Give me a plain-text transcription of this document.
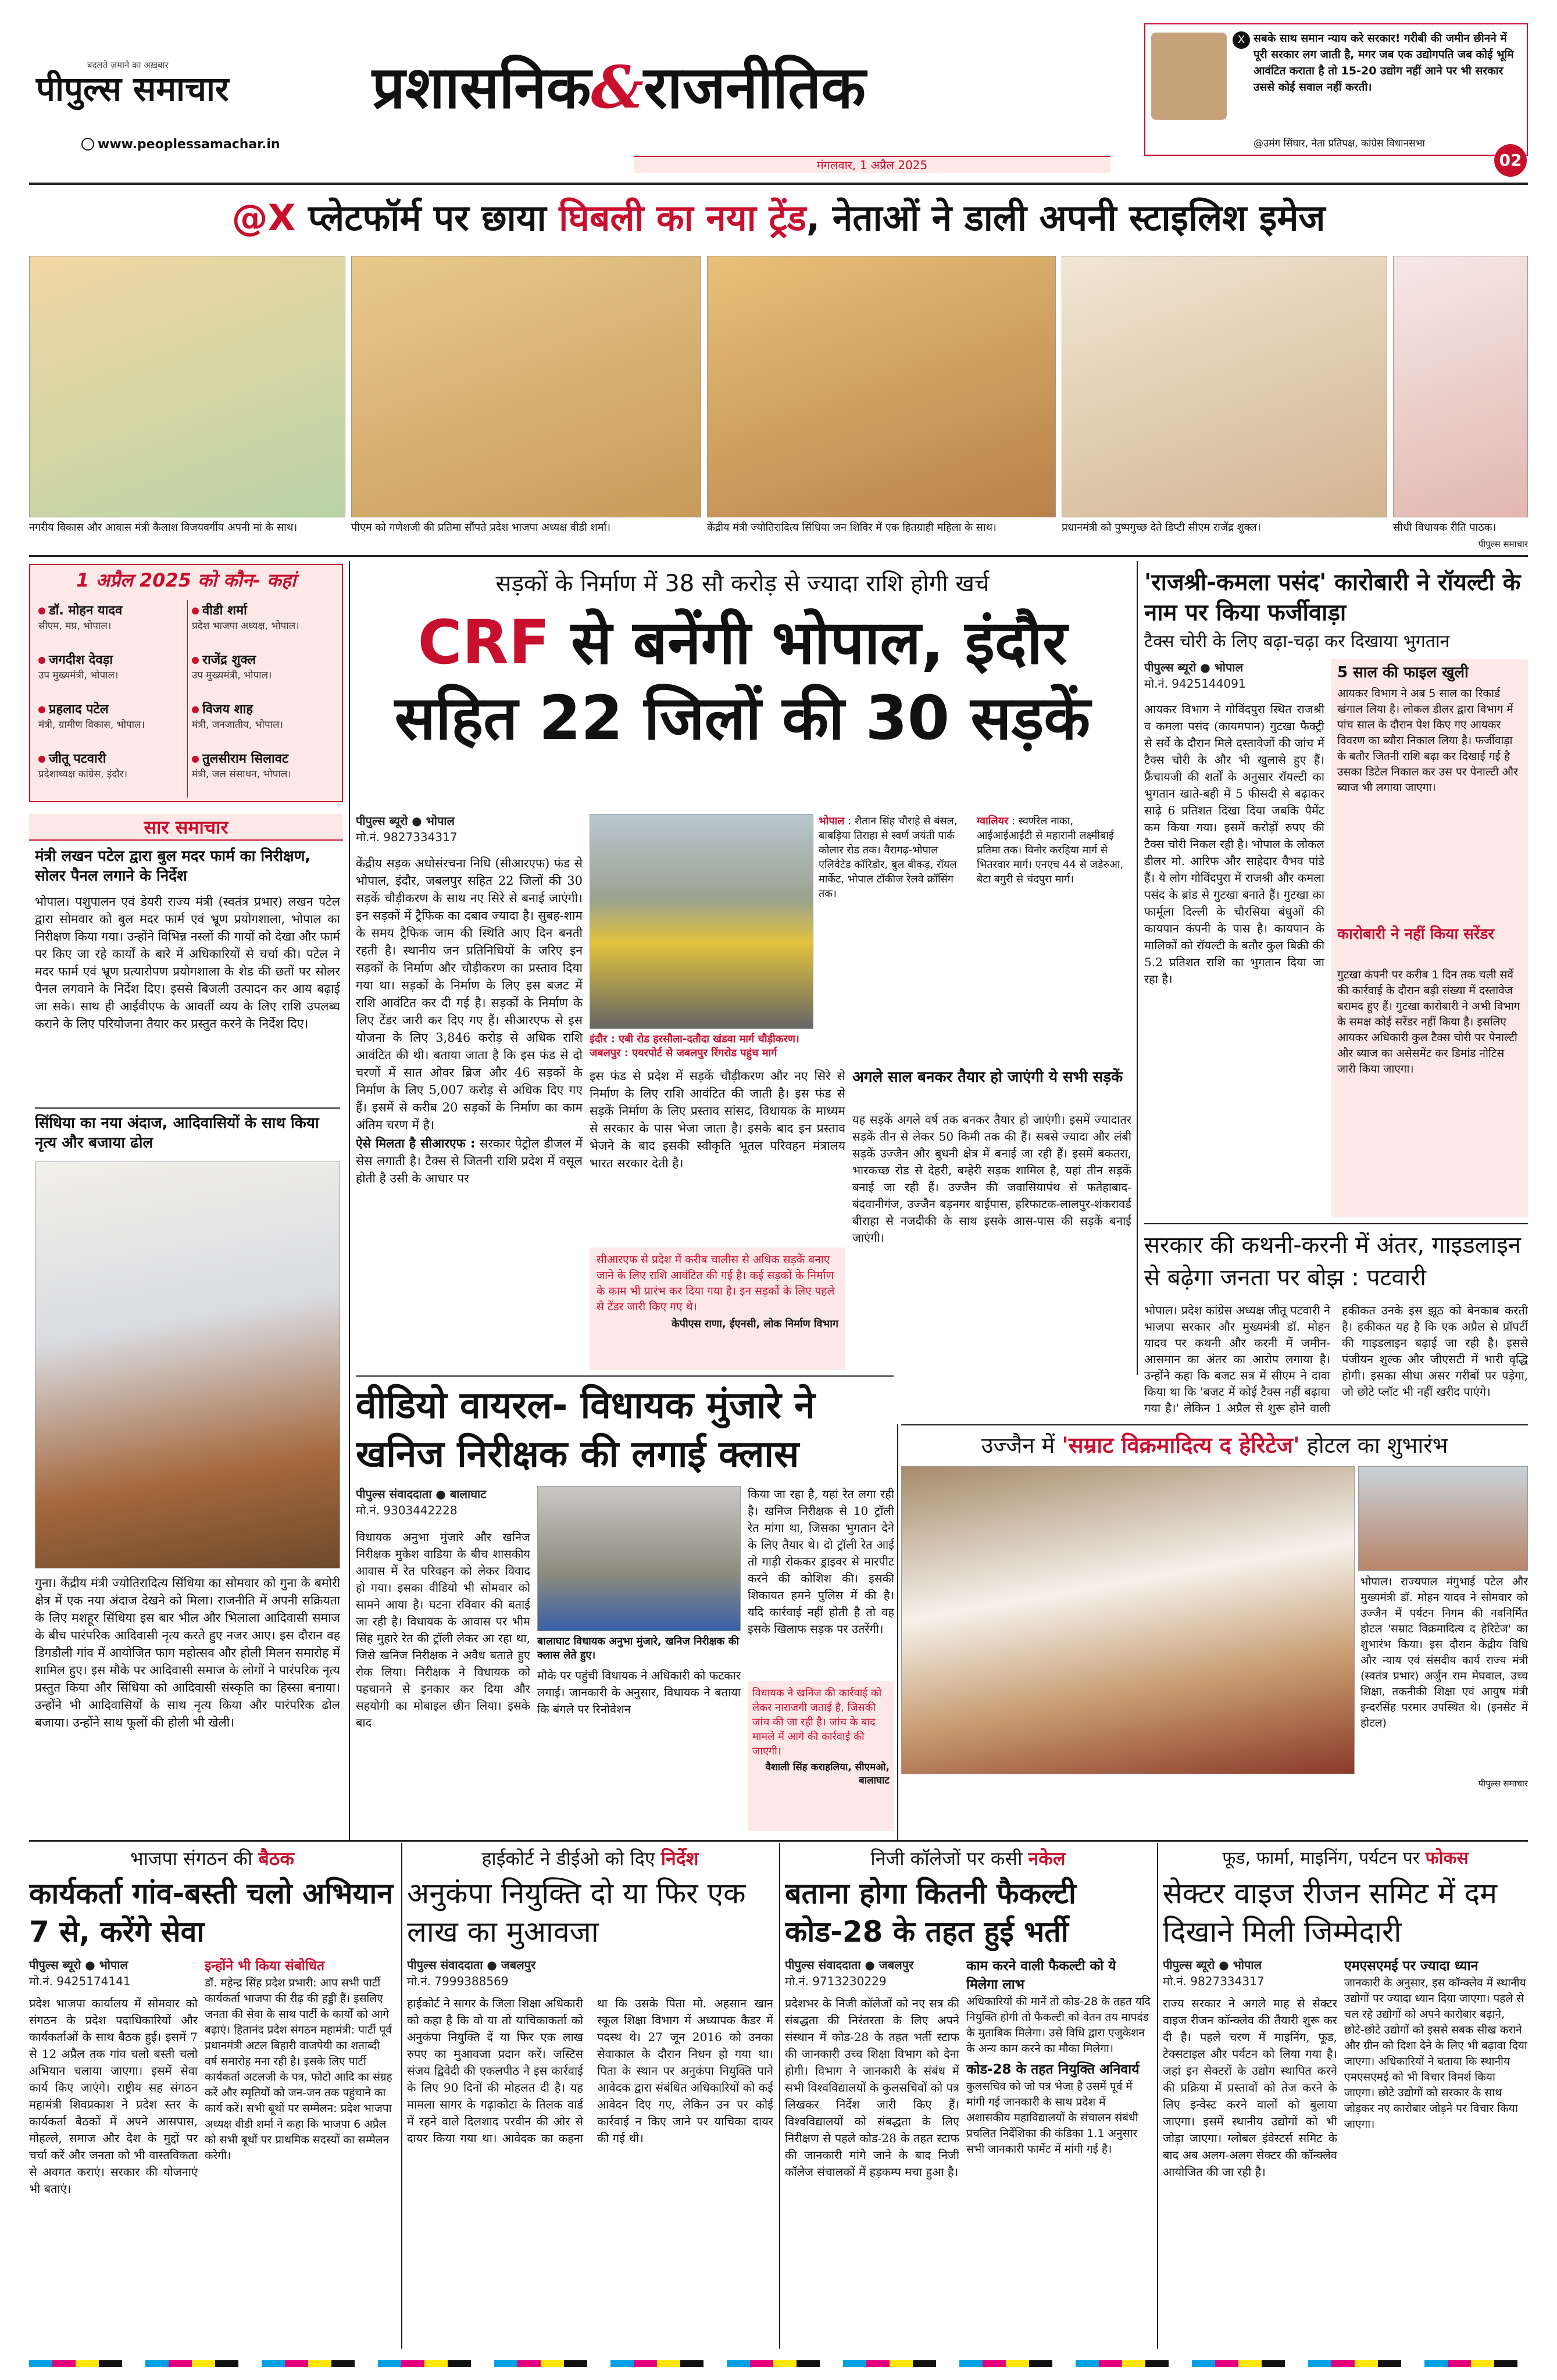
बदलते ज़माने का अख़बार
पीपुल्स समाचार
www.peoplessamachar.in
प्रशासनिक&राजनीतिक
मंगलवार, 1 अप्रैल 2025
X सबके साथ समान न्याय करे सरकार! गरीबी की जमीन छीनने में पूरी सरकार लग जाती है, मगर जब एक उद्योगपति जब कोई भूमि आवंटित कराता है तो 15-20 उद्योग नहीं आने पर भी सरकार उससे कोई सवाल नहीं करती।
@उमंग सिंघार, नेता प्रतिपक्ष, कांग्रेस विधानसभा
02
@X प्लेटफॉर्म पर छाया घिबली का नया ट्रेंड, नेताओं ने डाली अपनी स्टाइलिश इमेज
नगरीय विकास और आवास मंत्री कैलाश विजयवर्गीय अपनी मां के साथ।	पीएम को गणेशजी की प्रतिमा सौंपते प्रदेश भाजपा अध्यक्ष वीडी शर्मा।	केंद्रीय मंत्री ज्योतिरादित्य सिंधिया जन शिविर में एक हितग्राही महिला के साथ।	प्रधानमंत्री को पुष्पगुच्छ देते डिप्टी सीएम राजेंद्र शुक्ल।	सीधी विधायक रीति पाठक।
पीपुल्स समाचार
1 अप्रैल 2025 को कौन- कहां
डॉ. मोहन यादव
सीएम, मप्र, भोपाल।
वीडी शर्मा
प्रदेश भाजपा अध्यक्ष, भोपाल।
जगदीश देवड़ा
उप मुख्यमंत्री, भोपाल।
राजेंद्र शुक्ल
उप मुख्यमंत्री, भोपाल।
प्रहलाद पटेल
मंत्री, ग्रामीण विकास, भोपाल।
विजय शाह
मंत्री, जनजातीय, भोपाल।
जीतू पटवारी
प्रदेशाध्यक्ष कांग्रेस, इंदौर।
तुलसीराम सिलावट
मंत्री, जल संसाधन, भोपाल।
सार समाचार
मंत्री लखन पटेल द्वारा बुल मदर फार्म का निरीक्षण, सोलर पैनल लगाने के निर्देश
भोपाल। पशुपालन एवं डेयरी राज्य मंत्री (स्वतंत्र प्रभार) लखन पटेल द्वारा सोमवार को बुल मदर फार्म एवं भ्रूण प्रयोगशाला, भोपाल का निरीक्षण किया गया। उन्होंने विभिन्न नस्लों की गायों को देखा और फार्म पर किए जा रहे कार्यों के बारे में अधिकारियों से चर्चा की। पटेल ने मदर फार्म एवं भ्रूण प्रत्यारोपण प्रयोगशाला के शेड की छतों पर सोलर पैनल लगवाने के निर्देश दिए। इससे बिजली उत्पादन कर आय बढ़ाई जा सके। साथ ही आईवीएफ के आवर्ती व्यय के लिए राशि उपलब्ध कराने के लिए परियोजना तैयार कर प्रस्तुत करने के निर्देश दिए।
सिंधिया का नया अंदाज, आदिवासियों के साथ किया नृत्य और बजाया ढोल
गुना। केंद्रीय मंत्री ज्योतिरादित्य सिंधिया का सोमवार को गुना के बमोरी क्षेत्र में एक नया अंदाज देखने को मिला। राजनीति में अपनी सक्रियता के लिए मशहूर सिंधिया इस बार भील और भिलाला आदिवासी समाज के बीच पारंपरिक आदिवासी नृत्य करते हुए नजर आए। इस दौरान वह डिगडौली गांव में आयोजित फाग महोत्सव और होली मिलन समारोह में शामिल हुए। इस मौके पर आदिवासी समाज के लोगों ने पारंपरिक नृत्य प्रस्तुत किया और सिंधिया को आदिवासी संस्कृति का हिस्सा बनाया। उन्होंने भी आदिवासियों के साथ नृत्य किया और पारंपरिक ढोल बजाया। उन्होंने साथ फूलों की होली भी खेली।
सड़कों के निर्माण में 38 सौ करोड़ से ज्यादा राशि होगी खर्च
CRF से बनेंगी भोपाल, इंदौर
सहित 22 जिलों की 30 सड़कें
पीपुल्स ब्यूरो ● भोपाल
मो.नं. 9827334317

केंद्रीय सड़क अधोसंरचना निधि (सीआरएफ) फंड से भोपाल, इंदौर, जबलपुर सहित 22 जिलों की 30 सड़कें चौड़ीकरण के साथ नए सिरे से बनाई जाएंगी। इन सड़कों में ट्रैफिक का दबाव ज्यादा है। सुबह-शाम के समय ट्रैफिक जाम की स्थिति आए दिन बनती रहती है। स्थानीय जन प्रतिनिधियों के जरिए इन सड़कों के निर्माण और चौड़ीकरण का प्रस्ताव दिया गया था। सड़कों के निर्माण के लिए इस बजट में राशि आवंटित कर दी गई है। सड़कों के निर्माण के लिए टेंडर जारी कर दिए गए हैं। सीआरएफ से इस योजना के लिए 3,846 करोड़ से अधिक राशि आवंटित की थी। बताया जाता है कि इस फंड से दो चरणों में सात ओवर ब्रिज और 46 सड़कों के निर्माण के लिए 5,007 करोड़ से अधिक दिए गए हैं। इसमें से करीब 20 सड़कों के निर्माण का काम अंतिम चरण में है।

ऐसे मिलता है सीआरएफ : सरकार पेट्रोल डीजल में सेस लगाती है। टैक्स से जितनी राशि प्रदेश में वसूल होती है उसी के आधार पर

भोपाल : शैतान सिंह चौराहे से बंसल, बाबड़िया तिराहा से स्वर्ण जयंती पार्क कोलार रोड तक। वैरागढ़-भोपाल एलिवेटेड कॉरिडोर, बुल बीकड़, रॉयल मार्केट, भोपाल टॉकीज रेलवे क्रॉसिंग तक।
ग्वालियर : स्वर्णरेल नाका, आईआईआईटी से महारानी लक्ष्मीबाई प्रतिमा तक। विनोर करहिया मार्ग से भितरवार मार्ग। एनएच 44 से जडेरुआ, बेटा बगुरी से चंदपुरा मार्ग।
इंदौर : एबी रोड हरसौला-दतौदा खंडवा मार्ग चौड़ीकरण।
जबलपुर : एयरपोर्ट से जबलपुर रिंगरोड पहुंच मार्ग
इस फंड से प्रदेश में सड़कें चौड़ीकरण और नए सिरे से निर्माण के लिए राशि आवंटित की जाती है। इस फंड से सड़कें निर्माण के लिए प्रस्ताव सांसद, विधायक के माध्यम से सरकार के पास भेजा जाता है। इसके बाद इन प्रस्ताव भेजने के बाद इसकी स्वीकृति भूतल परिवहन मंत्रालय भारत सरकार देती है।
सीआरएफ से प्रदेश में करीब चालीस से अधिक सड़कें बनाए जाने के लिए राशि आवंटित की गई है। कई सड़कों के निर्माण के काम भी प्रारंभ कर दिया गया है। इन सड़कों के लिए पहले से टेंडर जारी किए गए थे।
केपीएस राणा, ईएनसी, लोक निर्माण विभाग
अगले साल बनकर तैयार हो जाएंगी ये सभी सड़कें
यह सड़कें अगले वर्ष तक बनकर तैयार हो जाएंगी। इसमें ज्यादातर सड़कें तीन से लेकर 50 किमी तक की हैं। सबसे ज्यादा और लंबी सड़कें उज्जैन और बुधनी क्षेत्र में बनाई जा रही हैं। इसमें बकतरा, भारकच्छ रोड से देहरी, बम्हेरी सड़क शामिल है, यहां तीन सड़कें बनाई जा रही हैं। उज्जैन की जवासियापंथ से फतेहाबाद-बंदवानीगंज, उज्जैन बड़नगर बाईपास, हरिफाटक-लालपुर-शंकरावर्ड बीराहा से नजदीकी के साथ इसके आस-पास की सड़कें बनाई जाएंगी।
'राजश्री-कमला पसंद' कारोबारी ने रॉयल्टी के नाम पर किया फर्जीवाड़ा
टैक्स चोरी के लिए बढ़ा-चढ़ा कर दिखाया भुगतान
पीपुल्स ब्यूरो ● भोपाल
मो.नं. 9425144091
आयकर विभाग ने गोविंदपुरा स्थित राजश्री व कमला पसंद (कायमपान) गुटखा फैक्ट्री से सर्वे के दौरान मिले दस्तावेजों की जांच में टैक्स चोरी के और भी खुलासे हुए हैं। फ्रैंचायजी की शर्तों के अनुसार रॉयल्टी का भुगतान खाते-बही में 5 फीसदी से बढ़ाकर साढ़े 6 प्रतिशत दिखा दिया जबकि पैमेंट कम किया गया। इसमें करोड़ों रुपए की टैक्स चोरी निकल रही है। भोपाल के लोकल डीलर मो. आरिफ और साहेदार वैभव पांडे हैं। ये लोग गोविंदपुरा में राजश्री और कमला पसंद के ब्रांड से गुटखा बनाते हैं। गुटखा का फार्मूला दिल्ली के चौरसिया बंधुओं की कायपान कंपनी के पास है। कायपान के मालिकों को रॉयल्टी के बतौर कुल बिक्री की 5.2 प्रतिशत राशि का भुगतान दिया जा रहा है।
5 साल की फाइल खुली
आयकर विभाग ने अब 5 साल का रिकार्ड खंगाल लिया है। लोकल डीलर द्वारा विभाग में पांच साल के दौरान पेश किए गए आयकर विवरण का ब्यौरा निकाल लिया है। फर्जीवाड़ा के बतौर जितनी राशि बढ़ा कर दिखाई गई है उसका डिटेल निकाल कर उस पर पेनाल्टी और ब्याज भी लगाया जाएगा।
कारोबारी ने नहीं किया सरेंडर
गुटखा कंपनी पर करीब 1 दिन तक चली सर्वे की कार्रवाई के दौरान बड़ी संख्या में दस्तावेज बरामद हुए हैं। गुटखा कारोबारी ने अभी विभाग के समक्ष कोई सरेंडर नहीं किया है। इसलिए आयकर अधिकारी कुल टैक्स चोरी पर पेनाल्टी और ब्याज का असेसमेंट कर डिमांड नोटिस जारी किया जाएगा।
सरकार की कथनी-करनी में अंतर, गाइडलाइन से बढ़ेगा जनता पर बोझ : पटवारी
भोपाल। प्रदेश कांग्रेस अध्यक्ष जीतू पटवारी ने भाजपा सरकार और मुख्यमंत्री डॉ. मोहन यादव पर कथनी और करनी में जमीन-आसमान का अंतर का आरोप लगाया है। उन्होंने कहा कि बजट सत्र में सीएम ने दावा किया था कि 'बजट में कोई टैक्स नहीं बढ़ाया गया है।' लेकिन 1 अप्रैल से शुरू होने वाली हकीकत उनके इस झूठ को बेनकाब करती है। हकीकत यह है कि एक अप्रैल से प्रॉपर्टी की गाइडलाइन बढ़ाई जा रही है। इससे पंजीयन शुल्क और जीएसटी में भारी वृद्धि होगी। इसका सीधा असर गरीबों पर पड़ेगा, जो छोटे प्लॉट भी नहीं खरीद पाएंगे।
उज्जैन में 'सम्राट विक्रमादित्य द हेरिटेज' होटल का शुभारंभ
भोपाल। राज्यपाल मंगुभाई पटेल और मुख्यमंत्री डॉ. मोहन यादव ने सोमवार को उज्जैन में पर्यटन निगम की नवनिर्मित होटल 'सम्राट विक्रमादित्य द हेरिटेज' का शुभारंभ किया। इस दौरान केंद्रीय विधि और न्याय एवं संसदीय कार्य राज्य मंत्री (स्वतंत्र प्रभार) अर्जुन राम मेघवाल, उच्च शिक्षा, तकनीकी शिक्षा एवं आयुष मंत्री इन्दरसिंह परमार उपस्थित थे। (इनसेट में होटल)
पीपुल्स समाचार
वीडियो वायरल- विधायक मुंजारे ने
खनिज निरीक्षक की लगाई क्लास
पीपुल्स संवाददाता ● बालाघाट
मो.नं. 9303442228
विधायक अनुभा मुंजारे और खनिज निरीक्षक मुकेश वाडिया के बीच शासकीय आवास में रेत परिवहन को लेकर विवाद हो गया। इसका वीडियो भी सोमवार को सामने आया है। घटना रविवार की बताई जा रही है। विधायक के आवास पर भीम सिंह मुहारे रेत की ट्रॉली लेकर आ रहा था, जिसे खनिज निरीक्षक ने अवैध बताते हुए रोक लिया। निरीक्षक ने विधायक को पहचानने से इनकार कर दिया और सहयोगी का मोबाइल छीन लिया। इसके बाद
बालाघाट विधायक अनुभा मुंजारे, खनिज निरीक्षक की क्लास लेते हुए।
मौके पर पहुंची विधायक ने अधिकारी को फटकार लगाई। जानकारी के अनुसार, विधायक ने बताया कि बंगले पर रिनोवेशन
किया जा रहा है, यहां रेत लगा रही है। खनिज निरीक्षक से 10 ट्रॉली रेत मांगा था, जिसका भुगतान देने के लिए तैयार थे। दो ट्रॉली रेत आई तो गाड़ी रोककर ड्राइवर से मारपीट करने की कोशिश की। इसकी शिकायत हमने पुलिस में की है। यदि कार्रवाई नहीं होती है तो वह इसके खिलाफ सड़क पर उतरेंगी।
विधायक ने खनिज की कार्रवाई को लेकर नाराजगी जताई है, जिसकी जांच की जा रही है। जांच के बाद मामले में आगे की कार्रवाई की जाएगी।
वैशाली सिंह कराहलिया, सीएमओ, बालाघाट
भाजपा संगठन की बैठक
कार्यकर्ता गांव-बस्ती चलो अभियान 7 से, करेंगे सेवा
पीपुल्स ब्यूरो ● भोपाल
मो.नं. 9425174141
प्रदेश भाजपा कार्यालय में सोमवार को संगठन के प्रदेश पदाधिकारियों और कार्यकर्ताओं के साथ बैठक हुई। इसमें 7 से 12 अप्रैल तक गांव चलो बस्ती चलो अभियान चलाया जाएगा। इसमें सेवा कार्य किए जाएंगे। राष्ट्रीय सह संगठन महामंत्री शिवप्रकाश ने प्रदेश स्तर के कार्यकर्ता बैठकों में अपने आसपास, मोहल्ले, समाज और देश के मुद्दों पर चर्चा करें और जनता को भी वास्तविकता से अवगत कराएं। सरकार की योजनाएं भी बताएं।
इन्होंने भी किया संबोधित
डॉ. महेन्द्र सिंह प्रदेश प्रभारी: आप सभी पार्टी कार्यकर्ता भाजपा की रीढ़ की हड्डी हैं। इसलिए जनता की सेवा के साथ पार्टी के कार्यों को आगे बढ़ाएं। हितानंद प्रदेश संगठन महामंत्री: पार्टी पूर्व प्रधानमंत्री अटल बिहारी वाजपेयी का शताब्दी वर्ष समारोह मना रही है। इसके लिए पार्टी कार्यकर्ता अटलजी के पत्र, फोटो आदि का संग्रह करें और स्मृतियों को जन-जन तक पहुंचाने का कार्य करें। सभी बूथों पर सम्मेलन: प्रदेश भाजपा अध्यक्ष वीडी शर्मा ने कहा कि भाजपा 6 अप्रैल को सभी बूथों पर प्राथमिक सदस्यों का सम्मेलन करेगी।
हाईकोर्ट ने डीईओ को दिए निर्देश
अनुकंपा नियुक्ति दो या फिर एक लाख का मुआवजा
पीपुल्स संवाददाता ● जबलपुर
मो.नं. 7999388569
हाईकोर्ट ने सागर के जिला शिक्षा अधिकारी को कहा है कि वो या तो याचिकाकर्ता को अनुकंपा नियुक्ति दें या फिर एक लाख रुपए का मुआवजा प्रदान करें। जस्टिस संजय द्विवेदी की एकलपीठ ने इस कार्रवाई के लिए 90 दिनों की मोहलत दी है। यह मामला सागर के गढ़ाकोटा के तिलक वार्ड में रहने वाले दिलशाद परवीन की ओर से दायर किया गया था। आवेदक का कहना था कि उसके पिता मो. अहसान खान स्कूल शिक्षा विभाग में अध्यापक कैडर में पदस्थ थे। 27 जून 2016 को उनका सेवाकाल के दौरान निधन हो गया था। पिता के स्थान पर अनुकंपा नियुक्ति पाने आवेदक द्वारा संबंधित अधिकारियों को कई आवेदन दिए गए, लेकिन उन पर कोई कार्रवाई न किए जाने पर याचिका दायर की गई थी।
निजी कॉलेजों पर कसी नकेल
बताना होगा कितनी फैकल्टी कोड-28 के तहत हुई भर्ती
पीपुल्स संवाददाता ● जबलपुर
मो.नं. 9713230229
प्रदेशभर के निजी कॉलेजों को नए सत्र की संबद्धता की निरंतरता के लिए अपने संस्थान में कोड-28 के तहत भर्ती स्टाफ की जानकारी उच्च शिक्षा विभाग को देना होगी। विभाग ने जानकारी के संबंध में सभी विश्वविद्यालयों के कुलसचिवों को पत्र लिखकर निर्देश जारी किए हैं। विश्वविद्यालयों को संबद्धता के लिए निरीक्षण से पहले कोड-28 के तहत स्टाफ की जानकारी मांगे जाने के बाद निजी कॉलेज संचालकों में हड़कम्प मचा हुआ है।
काम करने वाली फैकल्टी को ये मिलेगा लाभ
अधिकारियों की मानें तो कोड-28 के तहत यदि नियुक्ति होगी तो फैकल्टी को वेतन तय मापदंड के मुताबिक मिलेगा। उसे विधि द्वारा एजुकेशन के अन्य काम करने का मौका मिलेगा।
कोड-28 के तहत नियुक्ति अनिवार्य
कुलसचिव को जो पत्र भेजा है उसमें पूर्व में मांगी गई जानकारी के साथ प्रदेश में अशासकीय महाविद्यालयों के संचालन संबंधी प्रचलित निर्देशिका की कंडिका 1.1 अनुसार सभी जानकारी फार्मेट में मांगी गई है।
फूड, फार्मा, माइनिंग, पर्यटन पर फोकस
सेक्टर वाइज रीजन समिट में दम दिखाने मिली जिम्मेदारी
पीपुल्स ब्यूरो ● भोपाल
मो.नं. 9827334317
राज्य सरकार ने अगले माह से सेक्टर वाइज रीजन कॉन्क्लेव की तैयारी शुरू कर दी है। पहले चरण में माइनिंग, फूड, टेक्सटाइल और पर्यटन को लिया गया है। जहां इन सेक्टरों के उद्योग स्थापित करने की प्रक्रिया में प्रस्तावों को तेज करने के लिए इन्वेस्ट करने वालों को बुलाया जाएगा। इसमें स्थानीय उद्योगों को भी जोड़ा जाएगा। ग्लोबल इंवेस्टर्स समिट के बाद अब अलग-अलग सेक्टर की कॉन्क्लेव आयोजित की जा रही है।
एमएसएमई पर ज्यादा ध्यान
जानकारी के अनुसार, इस कॉन्क्लेव में स्थानीय उद्योगों पर ज्यादा ध्यान दिया जाएगा। पहले से चल रहे उद्योगों को अपने कारोबार बढ़ाने, छोटे-छोटे उद्योगों को इससे सबक सीख कराने और ग्रीन को दिशा देने के लिए भी बढ़ावा दिया जाएगा। अधिकारियों ने बताया कि स्थानीय एमएसएमई को भी विचार विमर्श किया जाएगा। छोटे उद्योगों को सरकार के साथ जोड़कर नए कारोबार जोड़ने पर विचार किया जाएगा।
